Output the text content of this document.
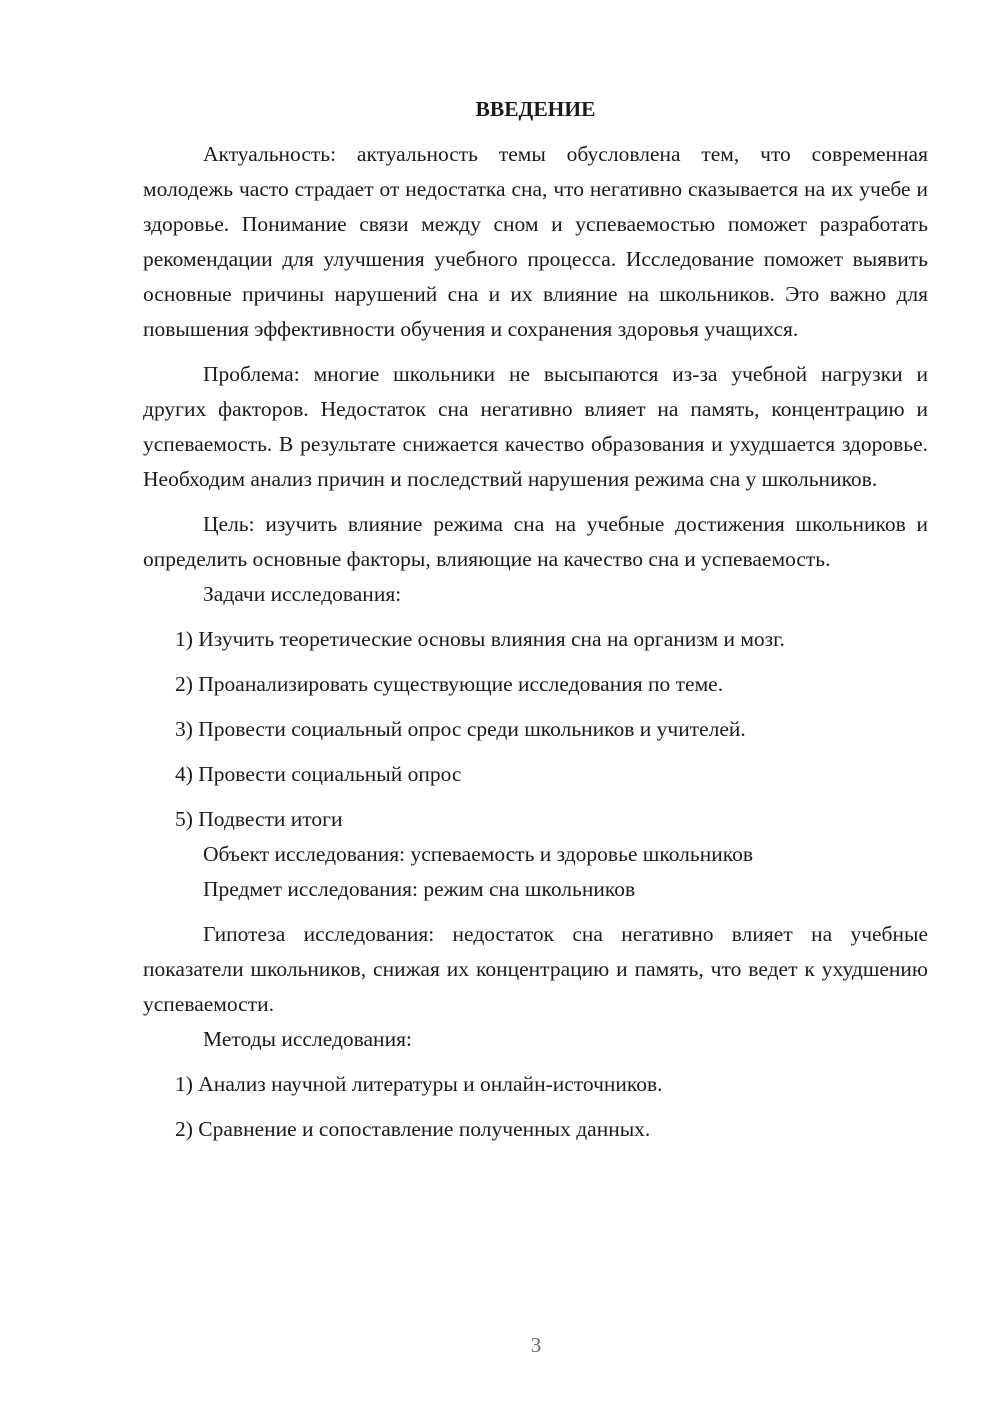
ВВЕДЕНИЕ

Актуальность: актуальность темы обусловлена тем, что современная молодежь часто страдает от недостатка сна, что негативно сказывается на их учебе и здоровье. Понимание связи между сном и успеваемостью поможет разработать рекомендации для улучшения учебного процесса. Исследование поможет выявить основные причины нарушений сна и их влияние на школьников. Это важно для повышения эффективности обучения и сохранения здоровья учащихся.

Проблема: многие школьники не высыпаются из-за учебной нагрузки и других факторов. Недостаток сна негативно влияет на память, концентрацию и успеваемость. В результате снижается качество образования и ухудшается здоровье. Необходим анализ причин и последствий нарушения режима сна у школьников.

Цель: изучить влияние режима сна на учебные достижения школьников и определить основные факторы, влияющие на качество сна и успеваемость.

Задачи исследования:

1) Изучить теоретические основы влияния сна на организм и мозг.

2) Проанализировать существующие исследования по теме.

3) Провести социальный опрос среди школьников и учителей.

4) Провести социальный опрос

5) Подвести итоги

Объект исследования: успеваемость и здоровье школьников

Предмет исследования: режим сна школьников

Гипотеза исследования: недостаток сна негативно влияет на учебные показатели школьников, снижая их концентрацию и память, что ведет к ухудшению успеваемости.

Методы исследования:

1) Анализ научной литературы и онлайн-источников.

2) Сравнение и сопоставление полученных данных.

3
